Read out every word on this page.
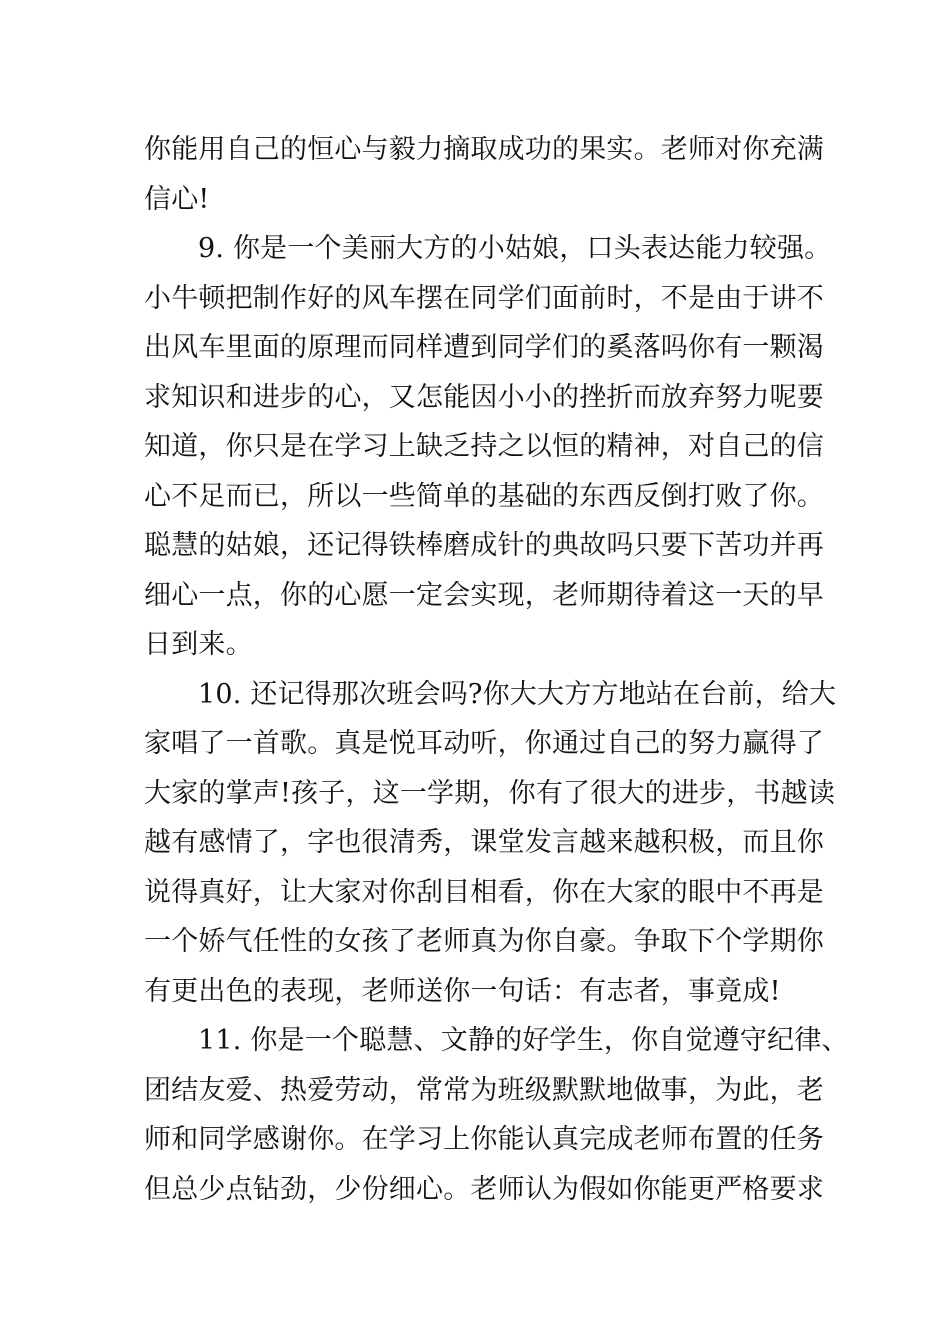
你能用自己的恒心与毅力摘取成功的果实。老师对你充满
信心!
9. 你是一个美丽大方的小姑娘，口头表达能力较强。
小牛顿把制作好的风车摆在同学们面前时，不是由于讲不
出风车里面的原理而同样遭到同学们的奚落吗你有一颗渴
求知识和进步的心，又怎能因小小的挫折而放弃努力呢要
知道，你只是在学习上缺乏持之以恒的精神，对自己的信
心不足而已，所以一些简单的基础的东西反倒打败了你。
聪慧的姑娘，还记得铁棒磨成针的典故吗只要下苦功并再
细心一点，你的心愿一定会实现，老师期待着这一天的早
日到来。
10. 还记得那次班会吗?你大大方方地站在台前，给大
家唱了一首歌。真是悦耳动听，你通过自己的努力赢得了
大家的掌声!孩子，这一学期，你有了很大的进步，书越读
越有感情了，字也很清秀，课堂发言越来越积极，而且你
说得真好，让大家对你刮目相看，你在大家的眼中不再是
一个娇气任性的女孩了老师真为你自豪。争取下个学期你
有更出色的表现，老师送你一句话：有志者，事竟成!
11. 你是一个聪慧、文静的好学生，你自觉遵守纪律、
团结友爱、热爱劳动，常常为班级默默地做事，为此，老
师和同学感谢你。在学习上你能认真完成老师布置的任务
但总少点钻劲，少份细心。老师认为假如你能更严格要求
